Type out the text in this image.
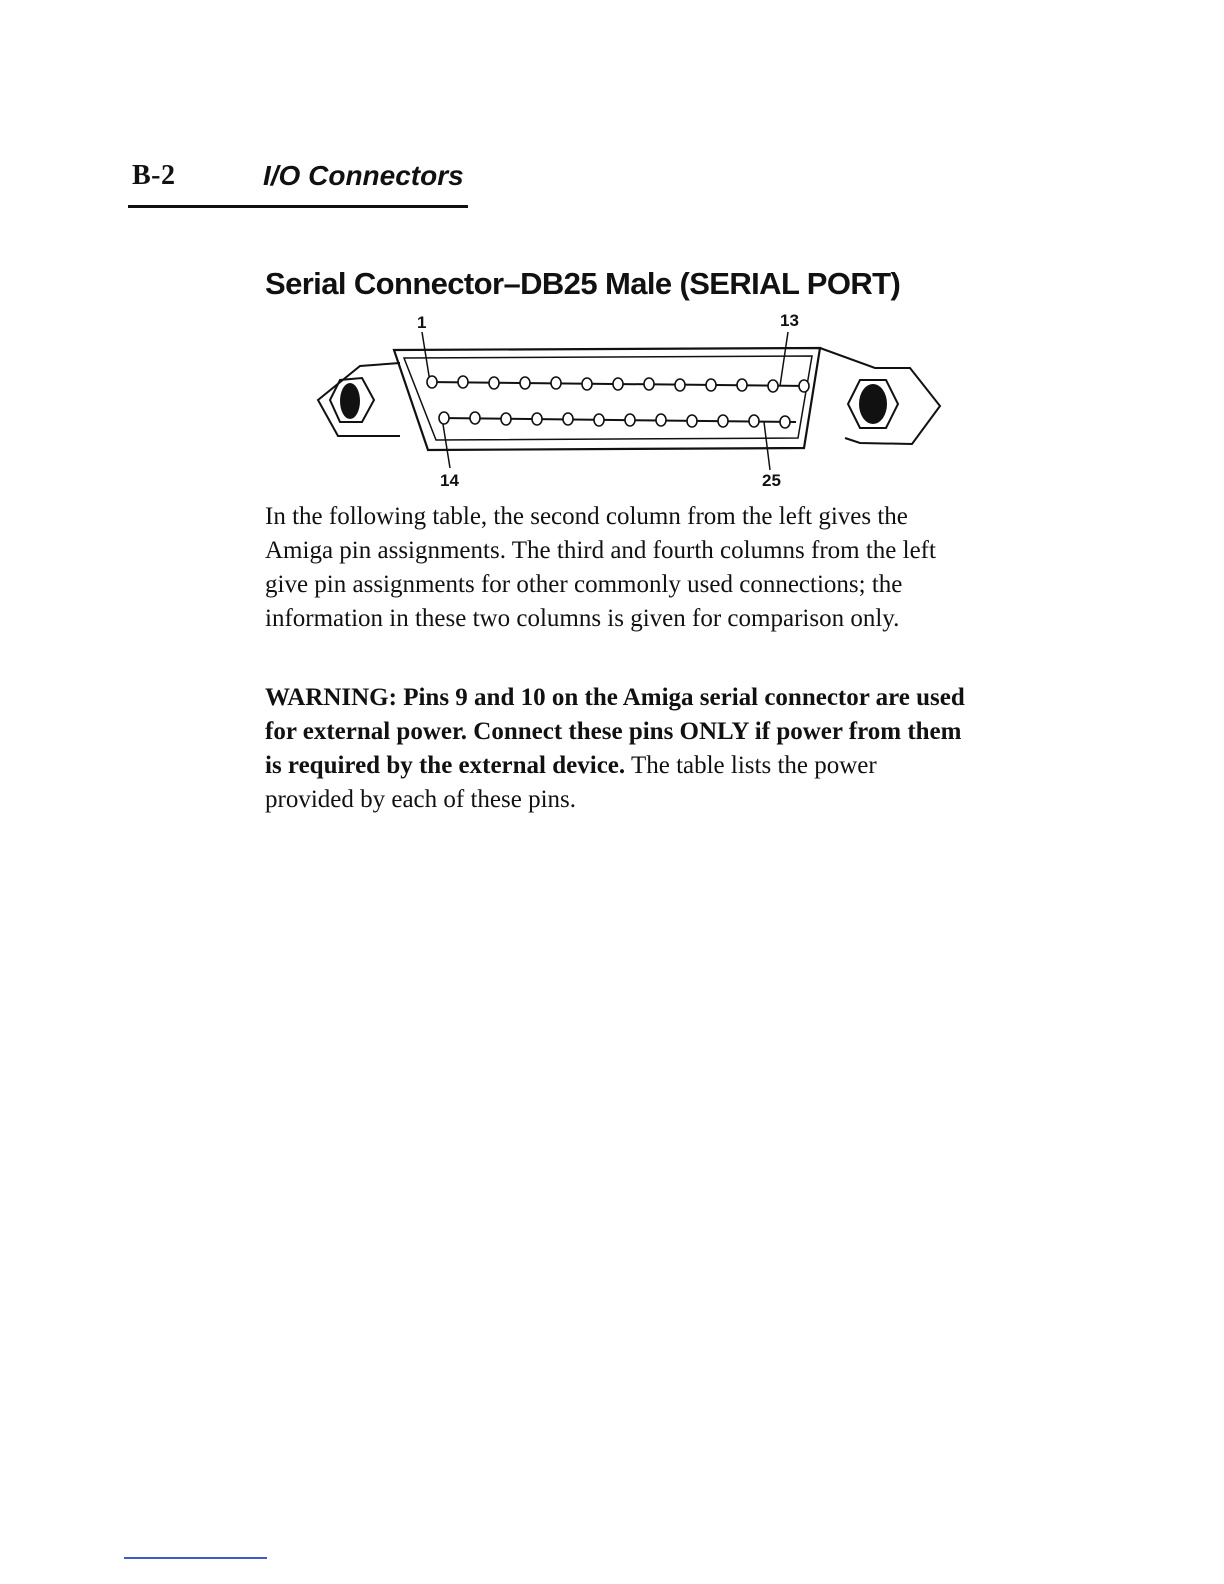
B-2	I/O Connectors
Serial Connector–DB25 Male (SERIAL PORT)
1	13
14	25

In the following table, the second column from the left gives the Amiga pin assignments. The third and fourth columns from the left give pin assignments for other commonly used connections; the information in these two columns is given for comparison only.

WARNING: Pins 9 and 10 on the Amiga serial connector are used for external power. Connect these pins ONLY if power from them is required by the external device. The table lists the power provided by each of these pins.
